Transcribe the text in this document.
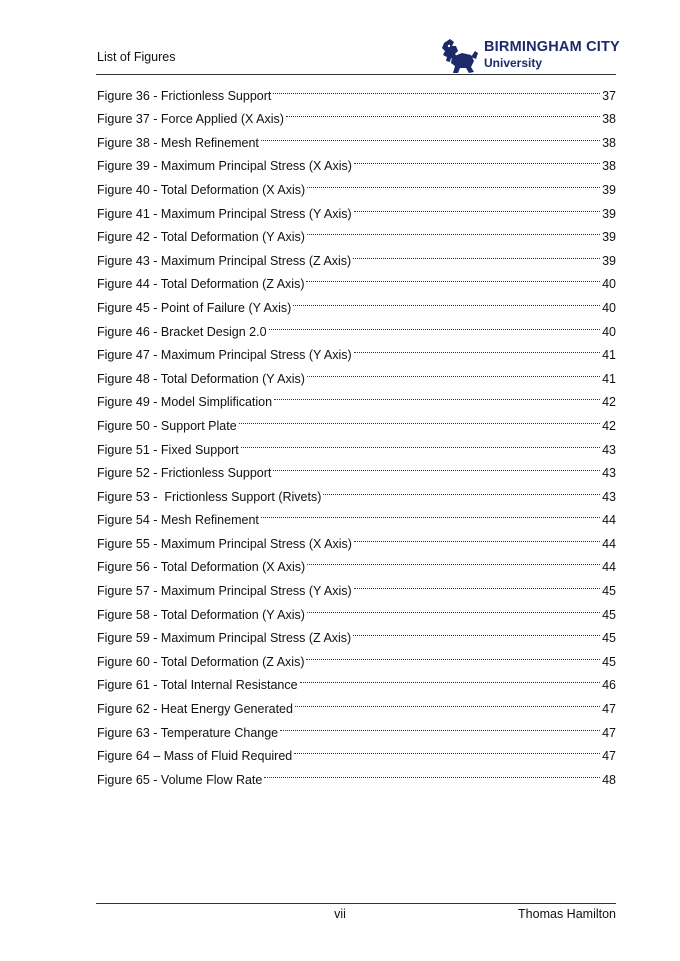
List of Figures
BIRMINGHAM CITY
University
Figure 36 - Frictionless Support	37
Figure 37 - Force Applied (X Axis)	38
Figure 38 - Mesh Refinement	38
Figure 39 - Maximum Principal Stress (X Axis)	38
Figure 40 - Total Deformation (X Axis)	39
Figure 41 - Maximum Principal Stress (Y Axis)	39
Figure 42 - Total Deformation (Y Axis)	39
Figure 43 - Maximum Principal Stress (Z Axis)	39
Figure 44 - Total Deformation (Z Axis)	40
Figure 45 - Point of Failure (Y Axis)	40
Figure 46 - Bracket Design 2.0	40
Figure 47 - Maximum Principal Stress (Y Axis)	41
Figure 48 - Total Deformation (Y Axis)	41
Figure 49 - Model Simplification	42
Figure 50 - Support Plate	42
Figure 51 - Fixed Support	43
Figure 52 - Frictionless Support	43
Figure 53 -  Frictionless Support (Rivets)	43
Figure 54 - Mesh Refinement	44
Figure 55 - Maximum Principal Stress (X Axis)	44
Figure 56 - Total Deformation (X Axis)	44
Figure 57 - Maximum Principal Stress (Y Axis)	45
Figure 58 - Total Deformation (Y Axis)	45
Figure 59 - Maximum Principal Stress (Z Axis)	45
Figure 60 - Total Deformation (Z Axis)	45
Figure 61 - Total Internal Resistance	46
Figure 62 - Heat Energy Generated	47
Figure 63 - Temperature Change	47
Figure 64 – Mass of Fluid Required	47
Figure 65 - Volume Flow Rate	48
vii	Thomas Hamilton
